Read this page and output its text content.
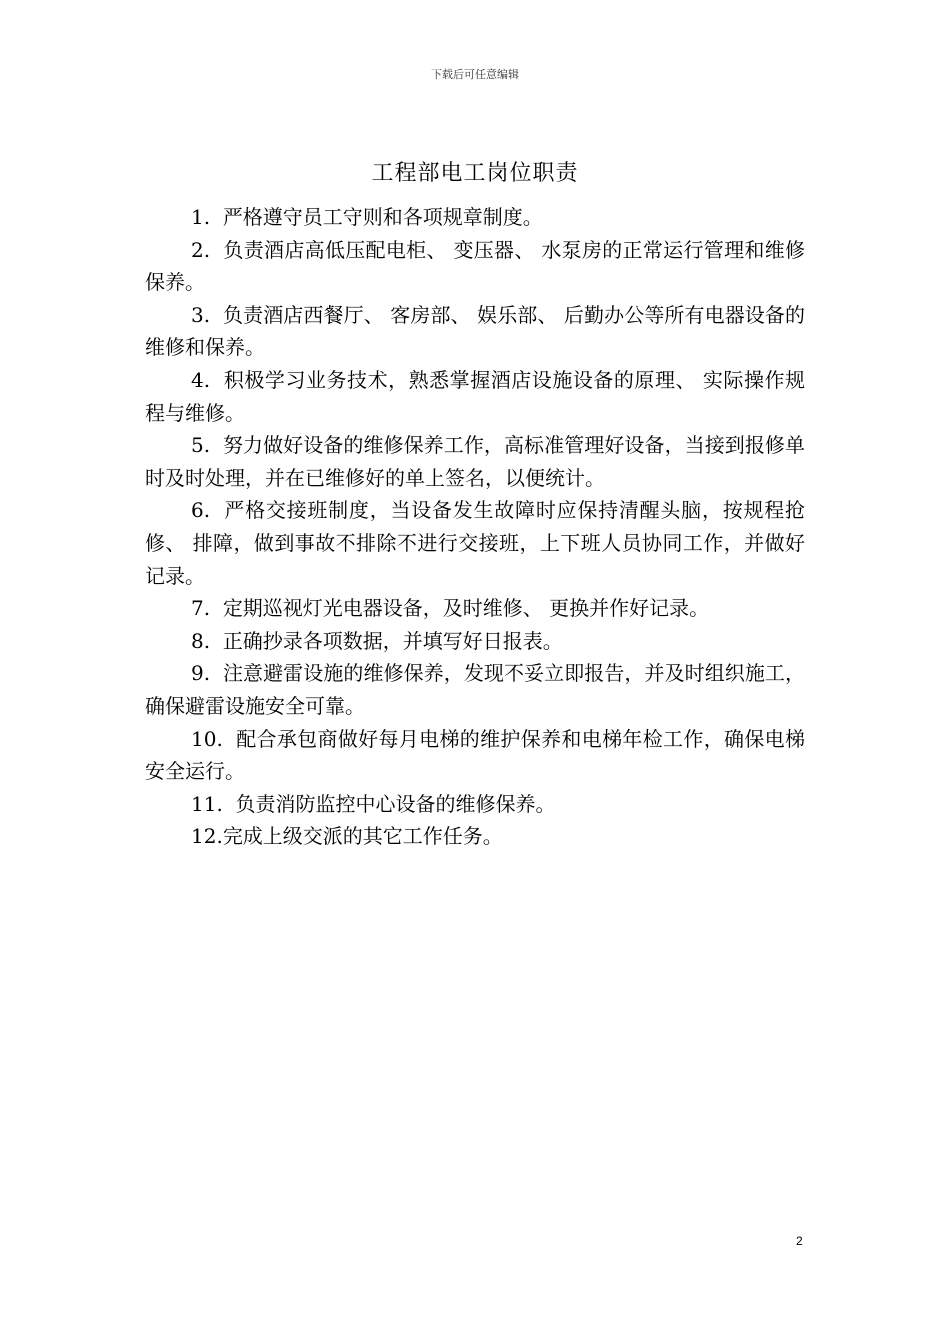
下载后可任意编辑
工程部电工岗位职责

1. 严格遵守员工守则和各项规章制度。

2. 负责酒店高低压配电柜、 变压器、 水泵房的正常运行管理和维修保养。

3. 负责酒店西餐厅、 客房部、 娱乐部、 后勤办公等所有电器设备的维修和保养。

4. 积极学习业务技术，熟悉掌握酒店设施设备的原理、 实际操作规程与维修。

5. 努力做好设备的维修保养工作，高标准管理好设备，当接到报修单时及时处理，并在已维修好的单上签名，以便统计。

6. 严格交接班制度，当设备发生故障时应保持清醒头脑，按规程抢修、 排障，做到事故不排除不进行交接班，上下班人员协同工作，并做好记录。

7. 定期巡视灯光电器设备，及时维修、 更换并作好记录。

8. 正确抄录各项数据，并填写好日报表。

9. 注意避雷设施的维修保养，发现不妥立即报告，并及时组织施工，确保避雷设施安全可靠。

10. 配合承包商做好每月电梯的维护保养和电梯年检工作，确保电梯安全运行。

11. 负责消防监控中心设备的维修保养。

12.完成上级交派的其它工作任务。

2
